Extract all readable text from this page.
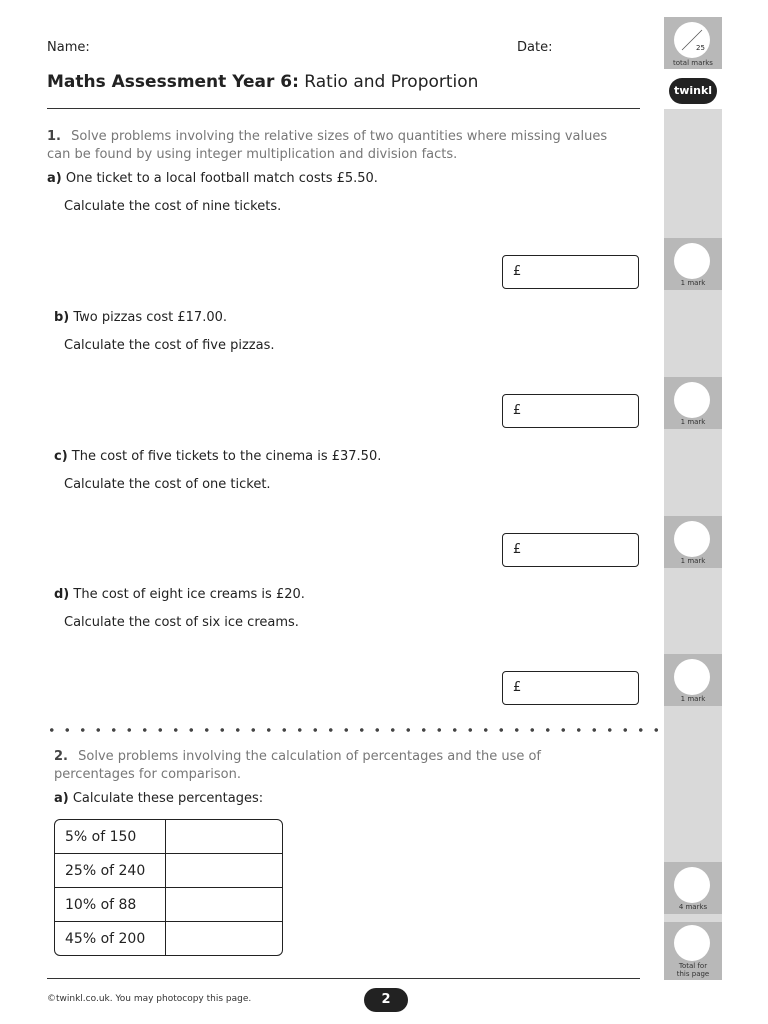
Name:	Date:
Maths Assessment Year 6: Ratio and Proportion
25
total marks
twinkl
1. Solve problems involving the relative sizes of two quantities where missing values can be found by using integer multiplication and division facts.
a) One ticket to a local football match costs £5.50.
Calculate the cost of nine tickets.
£
1 mark
b) Two pizzas cost £17.00.
Calculate the cost of five pizzas.
£
1 mark
c) The cost of five tickets to the cinema is £37.50.
Calculate the cost of one ticket.
£
1 mark
d) The cost of eight ice creams is £20.
Calculate the cost of six ice creams.
£
1 mark
2. Solve problems involving the calculation of percentages and the use of percentages for comparison.
a) Calculate these percentages:
5% of 150	
25% of 240	
10% of 88	
45% of 200	
4 marks
Total for
this page
©twinkl.co.uk. You may photocopy this page.	2
